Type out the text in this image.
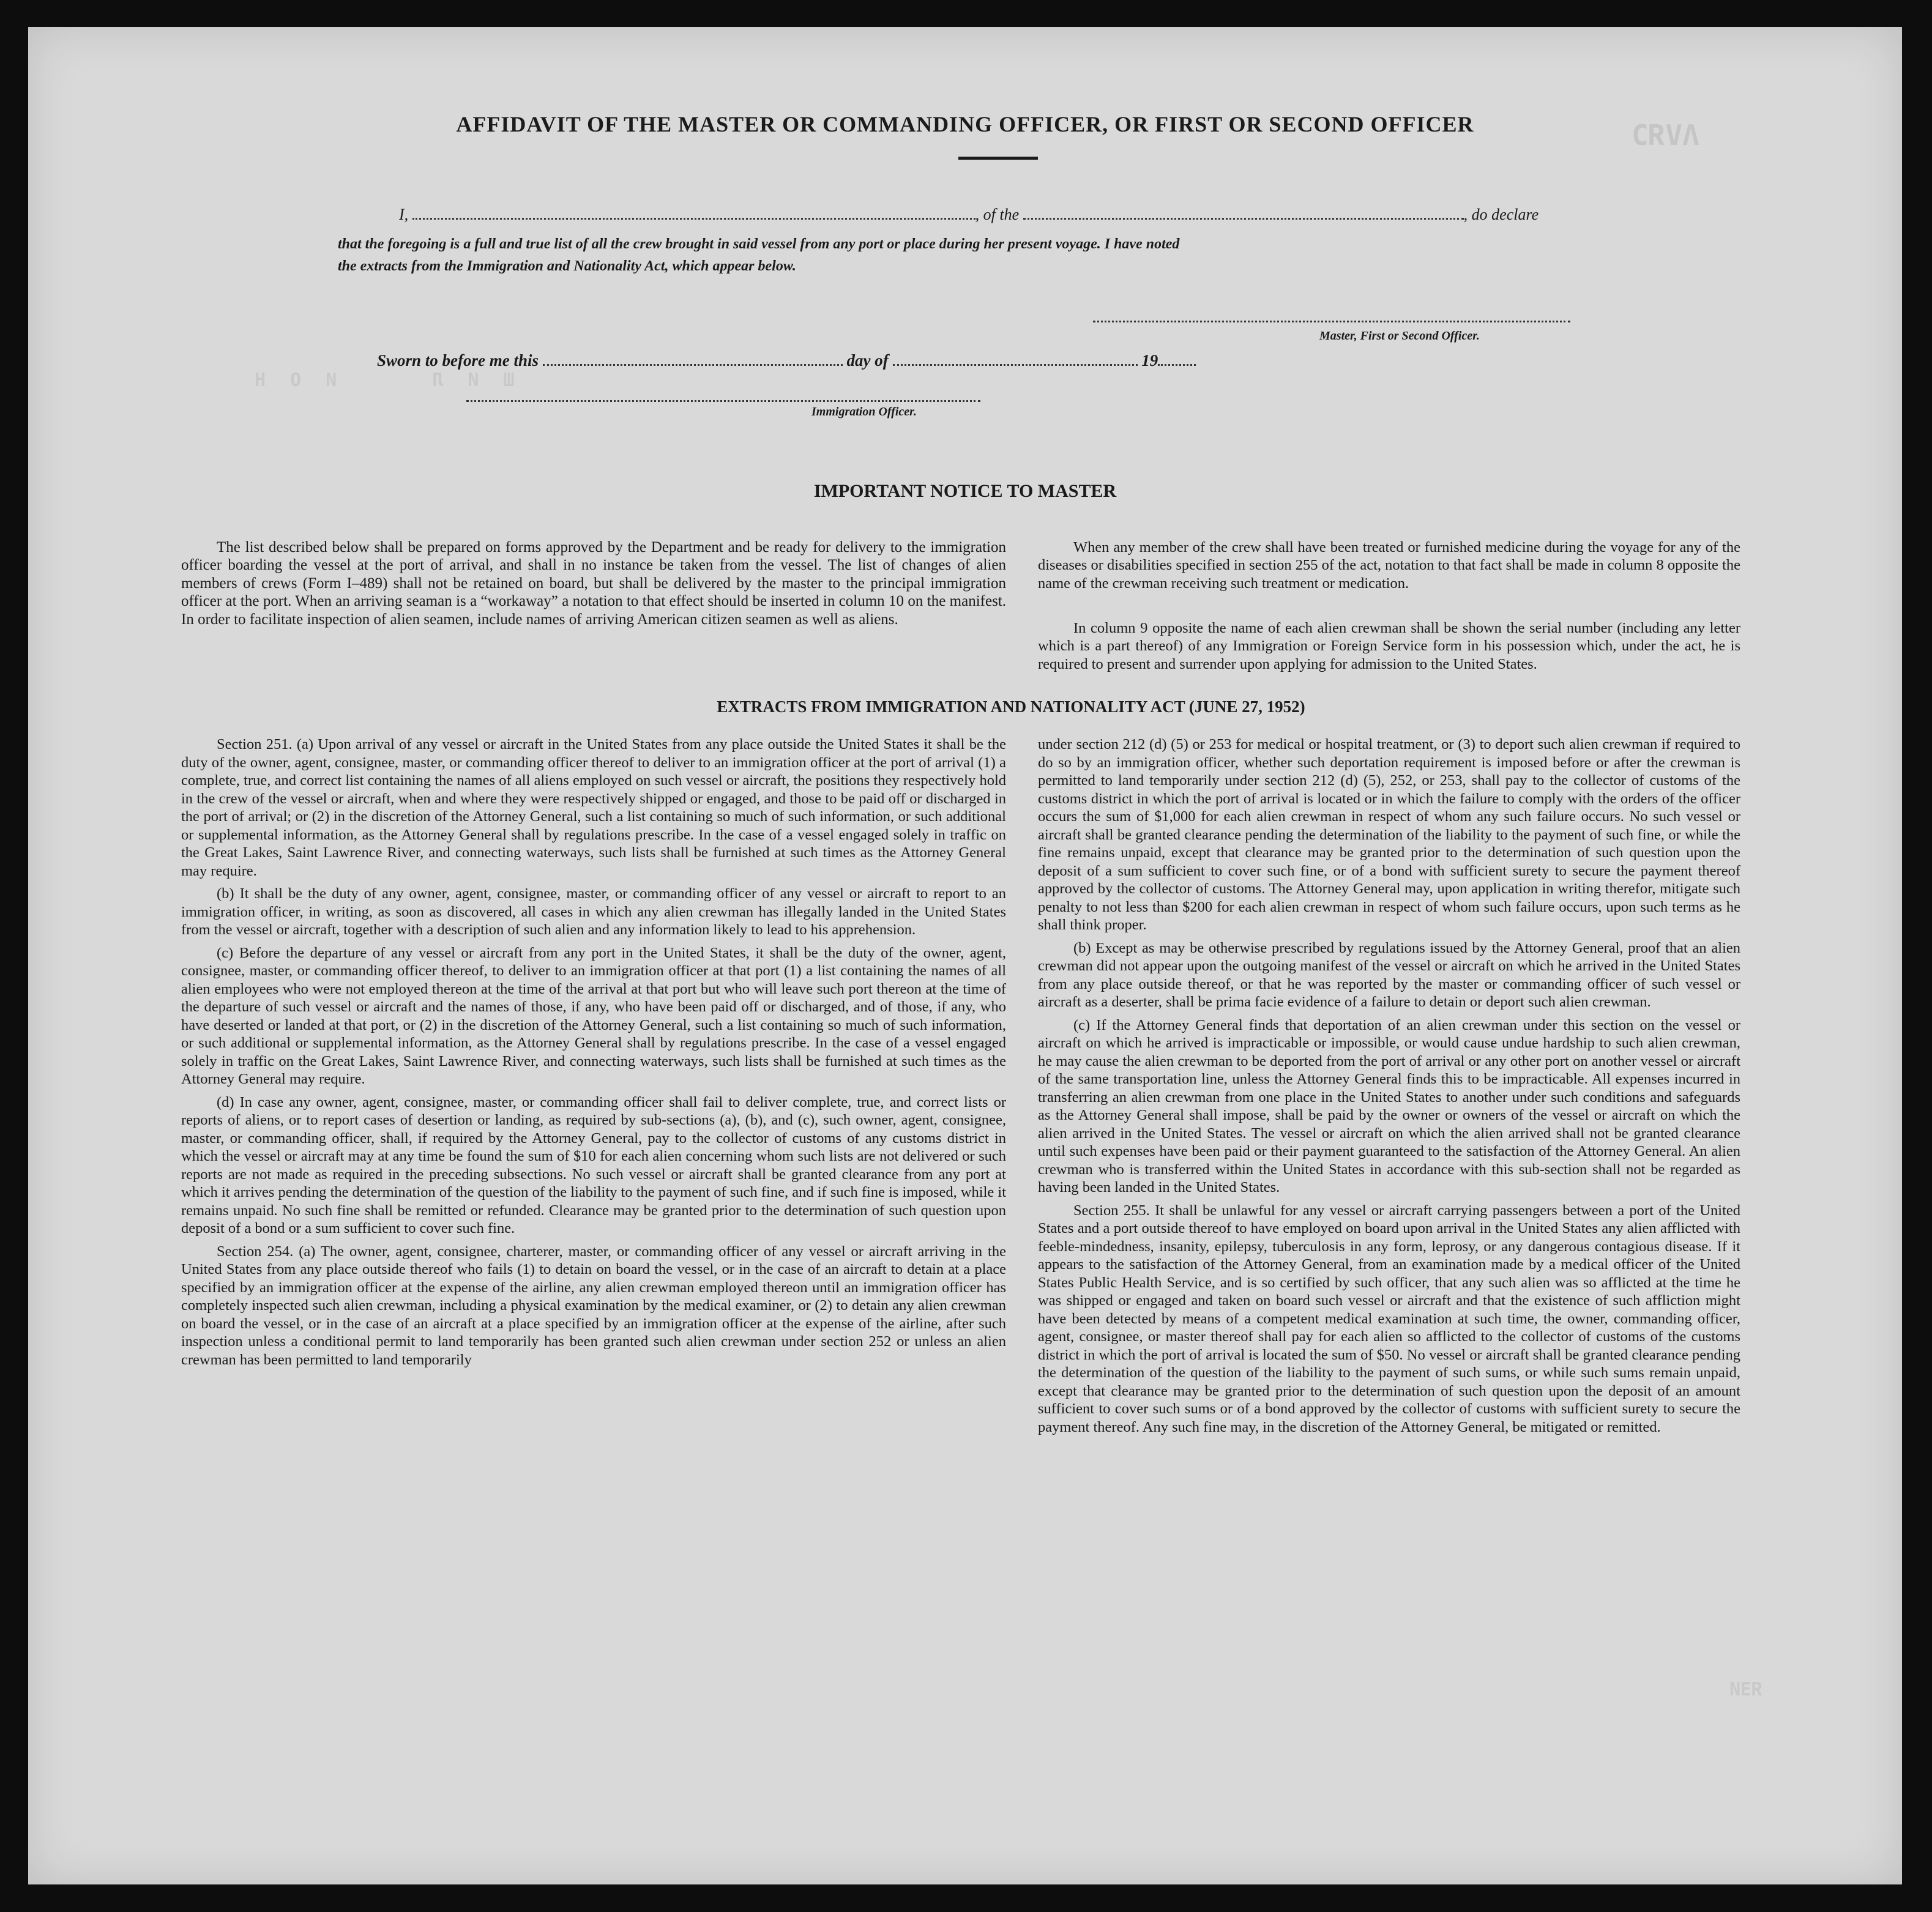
ΛVЯƆ
ШИЛ  ИОН
ЯƎИ
AFFIDAVIT OF THE MASTER OR COMMANDING OFFICER, OR FIRST OR SECOND OFFICER
I,	, of the	, do declare
that the foregoing is a full and true list of all the crew brought in said vessel from any port or place during her present voyage. I have noted
the extracts from the Immigration and Nationality Act, which appear below.
Master, First or Second Officer.
Sworn to before me this	day of	19
Immigration Officer.
IMPORTANT NOTICE TO MASTER

The list described below shall be prepared on forms approved by the Department and be ready for delivery to the immigration officer boarding the vessel at the port of arrival, and shall in no instance be taken from the vessel. The list of changes of alien members of crews (Form I–489) shall not be retained on board, but shall be delivered by the master to the principal immigration officer at the port. When an arriving seaman is a “workaway” a notation to that effect should be inserted in column 10 on the manifest. In order to facilitate inspection of alien seamen, include names of arriving American citizen seamen as well as aliens.

When any member of the crew shall have been treated or furnished medicine during the voyage for any of the diseases or disabilities specified in section 255 of the act, notation to that fact shall be made in column 8 opposite the name of the crewman receiving such treatment or medication.

In column 9 opposite the name of each alien crewman shall be shown the serial number (including any letter which is a part thereof) of any Immigration or Foreign Service form in his possession which, under the act, he is required to present and surrender upon applying for admission to the United States.

EXTRACTS FROM IMMIGRATION AND NATIONALITY ACT (JUNE 27, 1952)

Section 251. (a) Upon arrival of any vessel or aircraft in the United States from any place outside the United States it shall be the duty of the owner, agent, consignee, master, or commanding officer thereof to deliver to an immigration officer at the port of arrival (1) a complete, true, and correct list containing the names of all aliens employed on such vessel or aircraft, the positions they respectively hold in the crew of the vessel or aircraft, when and where they were respectively shipped or engaged, and those to be paid off or discharged in the port of arrival; or (2) in the discretion of the Attorney General, such a list containing so much of such information, or such additional or supplemental information, as the Attorney General shall by regulations prescribe. In the case of a vessel engaged solely in traffic on the Great Lakes, Saint Lawrence River, and connecting waterways, such lists shall be furnished at such times as the Attorney General may require.

(b) It shall be the duty of any owner, agent, consignee, master, or commanding officer of any vessel or aircraft to report to an immigration officer, in writing, as soon as discovered, all cases in which any alien crewman has illegally landed in the United States from the vessel or aircraft, together with a description of such alien and any information likely to lead to his apprehension.

(c) Before the departure of any vessel or aircraft from any port in the United States, it shall be the duty of the owner, agent, consignee, master, or commanding officer thereof, to deliver to an immigration officer at that port (1) a list containing the names of all alien employees who were not employed thereon at the time of the arrival at that port but who will leave such port thereon at the time of the departure of such vessel or aircraft and the names of those, if any, who have been paid off or discharged, and of those, if any, who have deserted or landed at that port, or (2) in the discretion of the Attorney General, such a list containing so much of such information, or such additional or supplemental information, as the Attorney General shall by regulations prescribe. In the case of a vessel engaged solely in traffic on the Great Lakes, Saint Lawrence River, and connecting waterways, such lists shall be furnished at such times as the Attorney General may require.

(d) In case any owner, agent, consignee, master, or commanding officer shall fail to deliver complete, true, and correct lists or reports of aliens, or to report cases of desertion or landing, as required by sub-sections (a), (b), and (c), such owner, agent, consignee, master, or commanding officer, shall, if required by the Attorney General, pay to the collector of customs of any customs district in which the vessel or aircraft may at any time be found the sum of $10 for each alien concerning whom such lists are not delivered or such reports are not made as required in the preceding subsections. No such vessel or aircraft shall be granted clearance from any port at which it arrives pending the determination of the question of the liability to the payment of such fine, and if such fine is imposed, while it remains unpaid. No such fine shall be remitted or refunded. Clearance may be granted prior to the determination of such question upon deposit of a bond or a sum sufficient to cover such fine.

Section 254. (a) The owner, agent, consignee, charterer, master, or commanding officer of any vessel or aircraft arriving in the United States from any place outside thereof who fails (1) to detain on board the vessel, or in the case of an aircraft to detain at a place specified by an immigration officer at the expense of the airline, any alien crewman employed thereon until an immigration officer has completely inspected such alien crewman, including a physical examination by the medical examiner, or (2) to detain any alien crewman on board the vessel, or in the case of an aircraft at a place specified by an immigration officer at the expense of the airline, after such inspection unless a conditional permit to land temporarily has been granted such alien crewman under section 252 or unless an alien crewman has been permitted to land temporarily

under section 212 (d) (5) or 253 for medical or hospital treatment, or (3) to deport such alien crewman if required to do so by an immigration officer, whether such deportation requirement is imposed before or after the crewman is permitted to land temporarily under section 212 (d) (5), 252, or 253, shall pay to the collector of customs of the customs district in which the port of arrival is located or in which the failure to comply with the orders of the officer occurs the sum of $1,000 for each alien crewman in respect of whom any such failure occurs. No such vessel or aircraft shall be granted clearance pending the determination of the liability to the payment of such fine, or while the fine remains unpaid, except that clearance may be granted prior to the determination of such question upon the deposit of a sum sufficient to cover such fine, or of a bond with sufficient surety to secure the payment thereof approved by the collector of customs. The Attorney General may, upon application in writing therefor, mitigate such penalty to not less than $200 for each alien crewman in respect of whom such failure occurs, upon such terms as he shall think proper.

(b) Except as may be otherwise prescribed by regulations issued by the Attorney General, proof that an alien crewman did not appear upon the outgoing manifest of the vessel or aircraft on which he arrived in the United States from any place outside thereof, or that he was reported by the master or commanding officer of such vessel or aircraft as a deserter, shall be prima facie evidence of a failure to detain or deport such alien crewman.

(c) If the Attorney General finds that deportation of an alien crewman under this section on the vessel or aircraft on which he arrived is impracticable or impossible, or would cause undue hardship to such alien crewman, he may cause the alien crewman to be deported from the port of arrival or any other port on another vessel or aircraft of the same transportation line, unless the Attorney General finds this to be impracticable. All expenses incurred in transferring an alien crewman from one place in the United States to another under such conditions and safeguards as the Attorney General shall impose, shall be paid by the owner or owners of the vessel or aircraft on which the alien arrived in the United States. The vessel or aircraft on which the alien arrived shall not be granted clearance until such expenses have been paid or their payment guaranteed to the satisfaction of the Attorney General. An alien crewman who is transferred within the United States in accordance with this sub-section shall not be regarded as having been landed in the United States.

Section 255. It shall be unlawful for any vessel or aircraft carrying passengers between a port of the United States and a port outside thereof to have employed on board upon arrival in the United States any alien afflicted with feeble-mindedness, insanity, epilepsy, tuberculosis in any form, leprosy, or any dangerous contagious disease. If it appears to the satisfaction of the Attorney General, from an examination made by a medical officer of the United States Public Health Service, and is so certified by such officer, that any such alien was so afflicted at the time he was shipped or engaged and taken on board such vessel or aircraft and that the existence of such affliction might have been detected by means of a competent medical examination at such time, the owner, commanding officer, agent, consignee, or master thereof shall pay for each alien so afflicted to the collector of customs of the customs district in which the port of arrival is located the sum of $50. No vessel or aircraft shall be granted clearance pending the determination of the question of the liability to the payment of such sums, or while such sums remain unpaid, except that clearance may be granted prior to the determination of such question upon the deposit of an amount sufficient to cover such sums or of a bond approved by the collector of customs with sufficient surety to secure the payment thereof. Any such fine may, in the discretion of the Attorney General, be mitigated or remitted.
